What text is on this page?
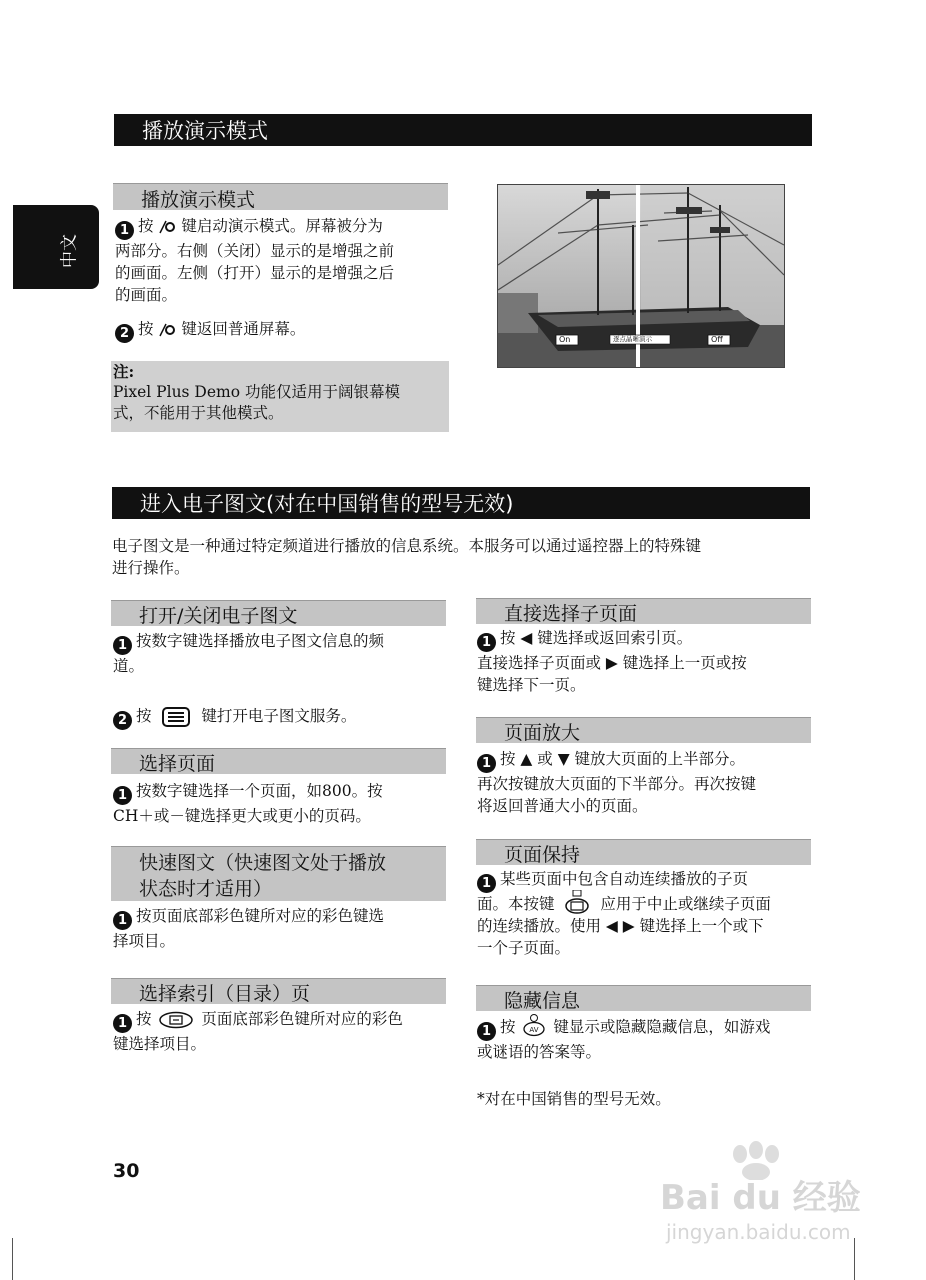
播放演示模式
中文
播放演示模式
1 按 键启动演示模式。屏幕被分为
两部分。右侧（关闭）显示的是增强之前
的画面。左侧（打开）显示的是增强之后
的画面。
2 按 键返回普通屏幕。
注:
Pixel Plus Demo 功能仅适用于阔银幕模
式，不能用于其他模式。
On	逐点晶晰演示	Off
进入电子图文(对在中国销售的型号无效)
电子图文是一种通过特定频道进行播放的信息系统。本服务可以通过遥控器上的特殊键
进行操作。
打开/关闭电子图文
1 按数字键选择播放电子图文信息的频
道。
2 按	键打开电子图文服务。
选择页面
1 按数字键选择一个页面，如800。按
CH＋或－键选择更大或更小的页码。
快速图文（快速图文处于播放
状态时才适用）
1 按页面底部彩色键所对应的彩色键选
择项目。
选择索引（目录）页
1 按	页面底部彩色键所对应的彩色
键选择项目。
直接选择子页面
1 按 ◀ 键选择或返回索引页。
直接选择子页面或 ▶ 键选择上一页或按
键选择下一页。
页面放大
1 按 ▲ 或 ▼ 键放大页面的上半部分。
再次按键放大页面的下半部分。再次按键
将返回普通大小的页面。
页面保持
1 某些页面中包含自动连续播放的子页
面。本按键	应用于中止或继续子页面
的连续播放。使用 ◀ ▶ 键选择上一个或下
一个子页面。
隐藏信息
1 按 AV 键显示或隐藏隐藏信息，如游戏
或谜语的答案等。
*对在中国销售的型号无效。
30
Bai du 经验
jingyan.baidu.com
